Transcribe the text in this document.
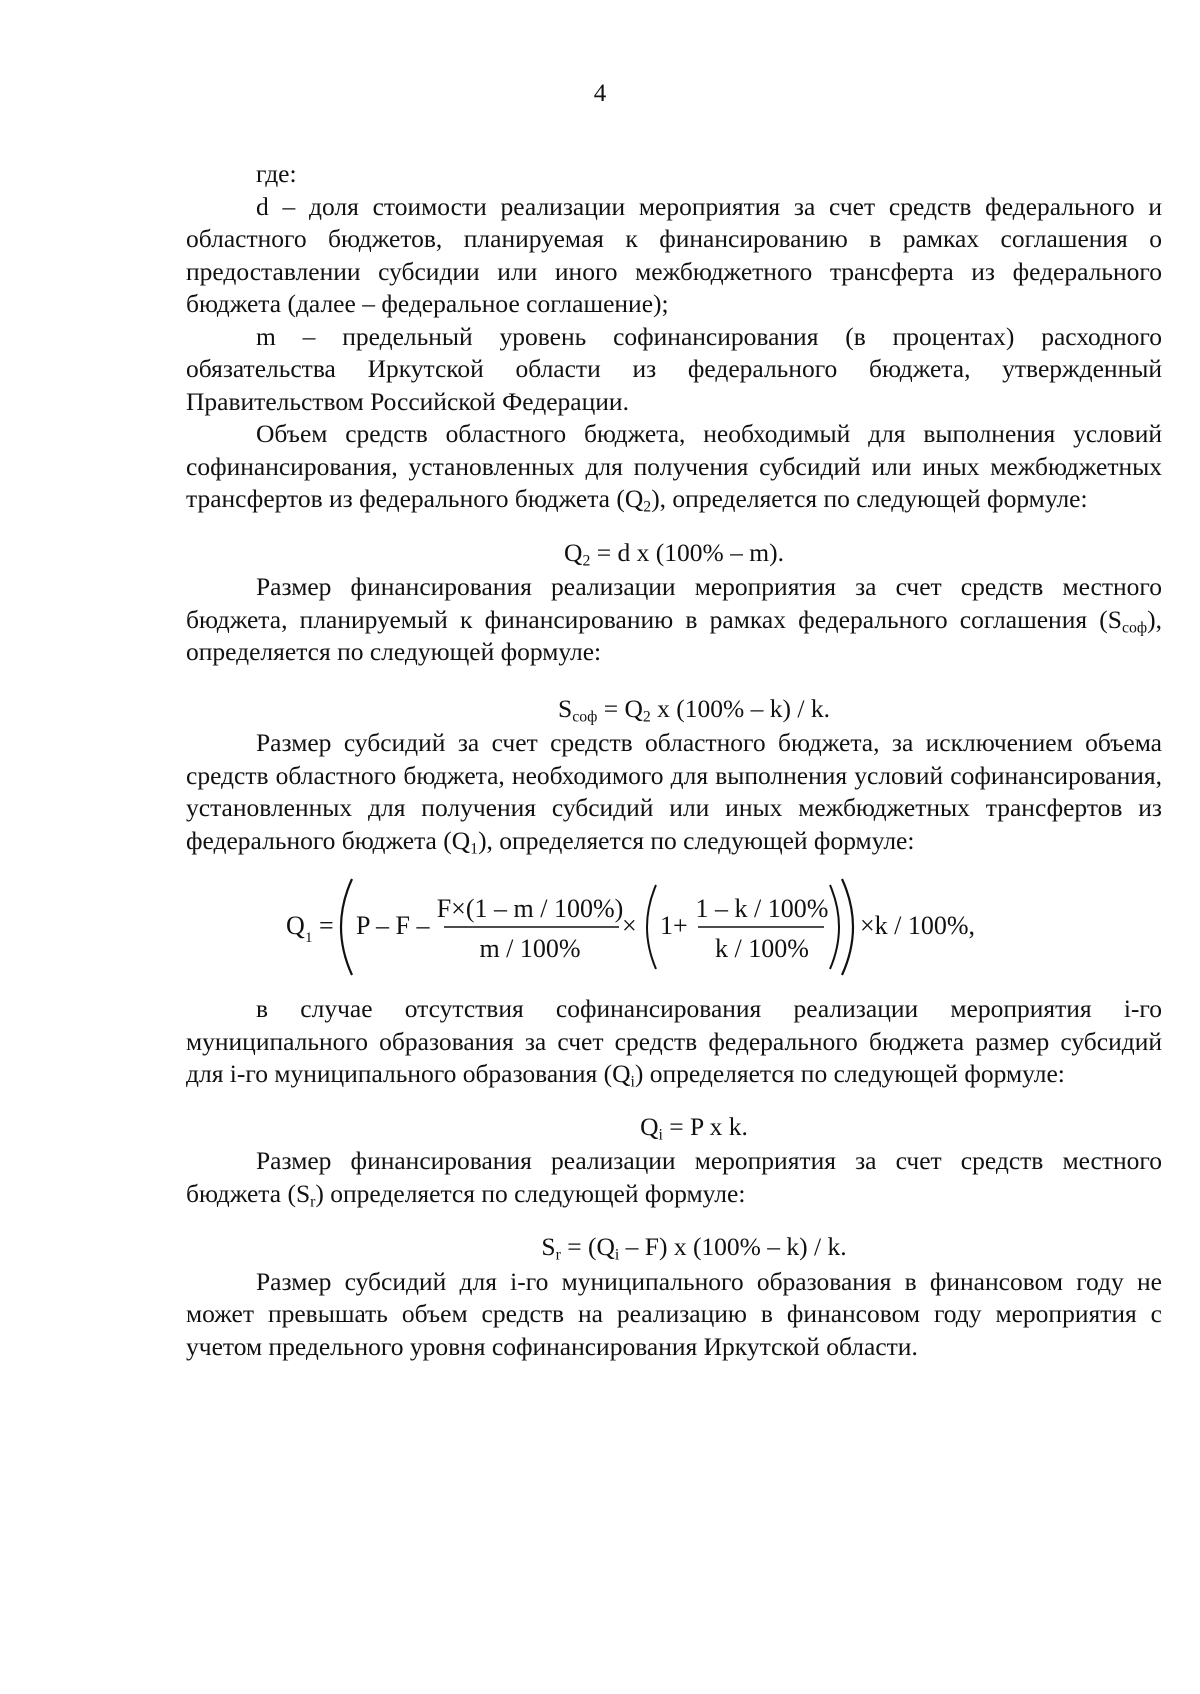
4

где:

d – доля стоимости реализации мероприятия за счет средств федерального и областного бюджетов, планируемая к финансированию в рамках соглашения о предоставлении субсидии или иного межбюджетного трансферта из федерального бюджета (далее – федеральное соглашение);

m – предельный уровень софинансирования (в процентах) расходного обязательства Иркутской области из федерального бюджета, утвержденный Правительством Российской Федерации.

Объем средств областного бюджета, необходимый для выполнения условий софинансирования, установленных для получения субсидий или иных межбюджетных трансфертов из федерального бюджета $(Q_2)$, определяется по следующей формуле:

$Q_2 = d$ x (100% – m).

Размер финансирования реализации мероприятия за счет средств местного бюджета, планируемый к финансированию в рамках федерального соглашения $(S_{соф})$, определяется по следующей формуле:

$S_{соф} = Q_2$ x (100% – k) / k.

Размер субсидий за счет средств областного бюджета, за исключением объема средств областного бюджета, необходимого для выполнения условий софинансирования, установленных для получения субсидий или иных межбюджетных трансфертов из федерального бюджета $(Q_1)$, определяется по следующей формуле:

Q 1 = P – F –
F×(1 – m / 100%)
m / 100%
× 1+
1 – k / 100%
k / 100%
×k / 100%,

в случае отсутствия софинансирования реализации мероприятия i-го муниципального образования за счет средств федерального бюджета размер субсидий для i-го муниципального образования $(Q_i)$ определяется по следующей формуле:

$Q_i = P$ x k.

Размер финансирования реализации мероприятия за счет средств местного бюджета $(S_r)$ определяется по следующей формуле:

$S_r = (Q_i - F)$ x (100% – k) / k.

Размер субсидий для i-го муниципального образования в финансовом году не может превышать объем средств на реализацию в финансовом году мероприятия с учетом предельного уровня софинансирования Иркутской области.
